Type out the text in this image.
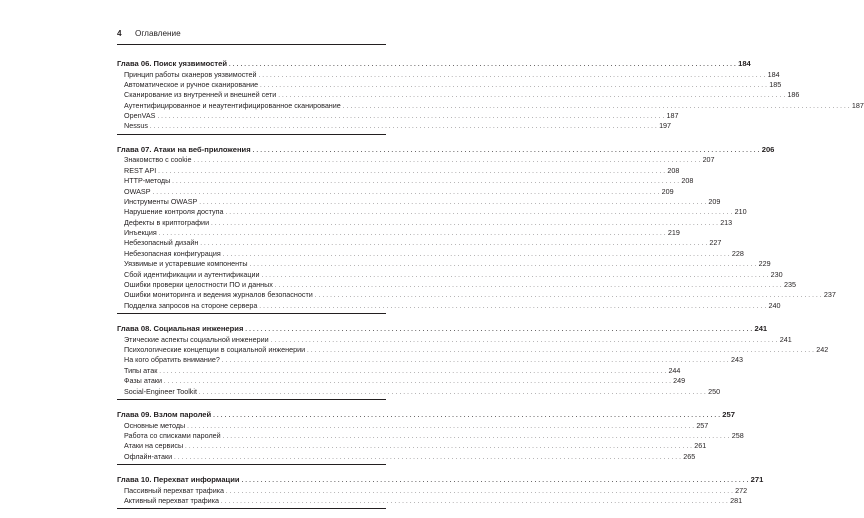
4 Оглавление
Глава 06. Поиск уязвимостей . . .	184
Принцип работы сканеров уязвимостей . . .	184
Автоматическое и ручное сканирование . . .	185
Сканирование из внутренней и внешней сети . . .	186
Аутентифицированное и неаутентифицированное сканирование . . .	187
OpenVAS . . .	187
Nessus . . .	197
Глава 07. Атаки на веб-приложения . . .	206
Знакомство с cookie . . .	207
REST API . . .	208
HTTP-методы . . .	208
OWASP . . .	209
Инструменты OWASP . . .	209
Нарушение контроля доступа . . .	210
Дефекты в криптографии . . .	213
Инъекция . . .	219
Небезопасный дизайн . . .	227
Небезопасная конфигурация . . .	228
Уязвимые и устаревшие компоненты . . .	229
Сбой идентификации и аутентификации . . .	230
Ошибки проверки целостности ПО и данных . . .	235
Ошибки мониторинга и ведения журналов безопасности . . .	237
Подделка запросов на стороне сервера . . .	240
Глава 08. Социальная инженерия . . .	241
Этические аспекты социальной инженерии . . .	241
Психологические концепции в социальной инженерии . . .	242
На кого обратить внимание? . . .	243
Типы атак . . .	244
Фазы атаки . . .	249
Social-Engineer Toolkit . . .	250
Глава 09. Взлом паролей . . .	257
Основные методы . . .	257
Работа со списками паролей . . .	258
Атаки на сервисы . . .	261
Офлайн-атаки . . .	265
Глава 10. Перехват информации . . .	271
Пассивный перехват трафика . . .	272
Активный перехват трафика . . .	281
